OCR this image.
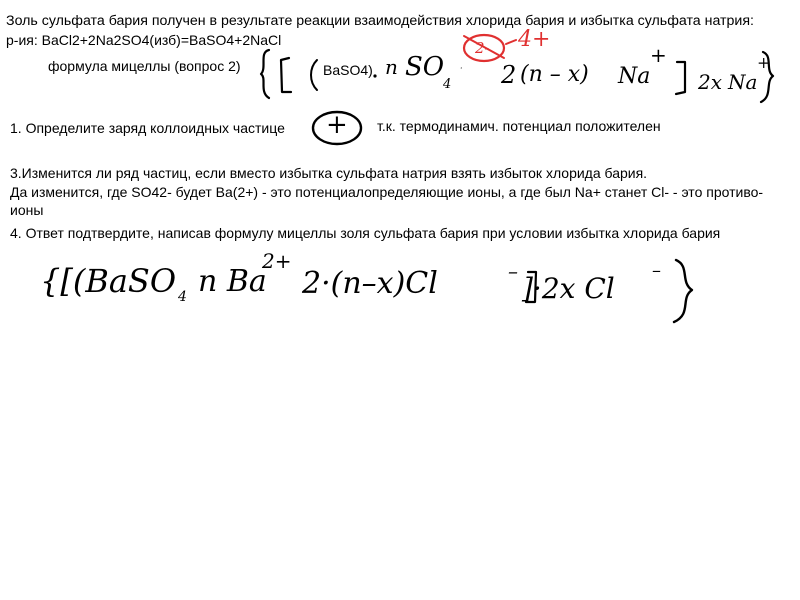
Золь сульфата бария получен в результате реакции взаимодействия хлорида бария и избытка сульфата натрия:
р-ия: BaCl2+2Na2SO4(изб)=BaSO4+2NaCl
формула мицеллы (вопрос 2)
1. Определите заряд коллоидных частице	т.к. термодинамич. потенциал положителен
3.Изменится ли ряд частиц, если вместо избытка сульфата натрия взять избыток хлорида бария.
Да изменится, где SO42- будет Ba(2+) - это потенциалопределяющие ионы, а где был Na+ станет Cl- - это противо-ионы
4. Ответ подтвердите, написав формулу мицеллы золя сульфата бария при условии избытка хлорида бария
BaSO4) n SO
4
2- 4+
· 2 (n – x) Na
+
2x Na
+
+
{[(BaSO 4 n Ba
2+
2·(n–x)Cl	–
]·2x Cl
–
